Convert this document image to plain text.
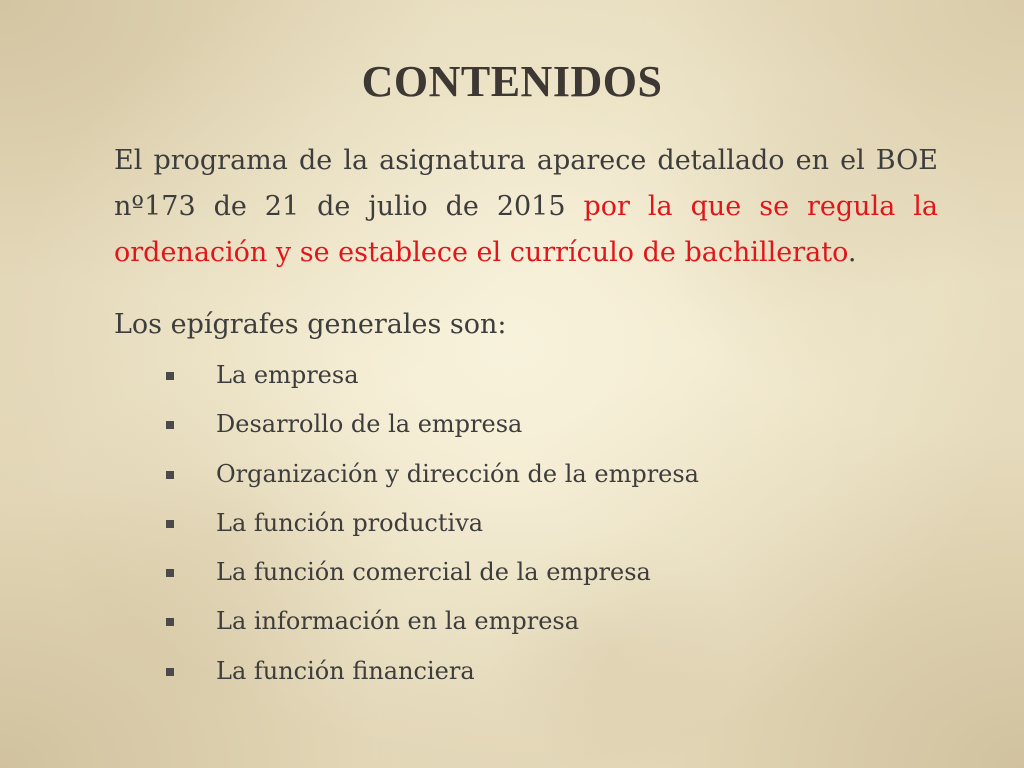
CONTENIDOS

El programa de la asignatura aparece detallado en el BOE nº173 de 21 de julio de 2015 por la que se regula la ordenación y se establece el currículo de bachillerato.

Los epígrafes generales son:

La empresa
Desarrollo de la empresa
Organización y dirección de la empresa
La función productiva
La función comercial de la empresa
La información en la empresa
La función financiera
